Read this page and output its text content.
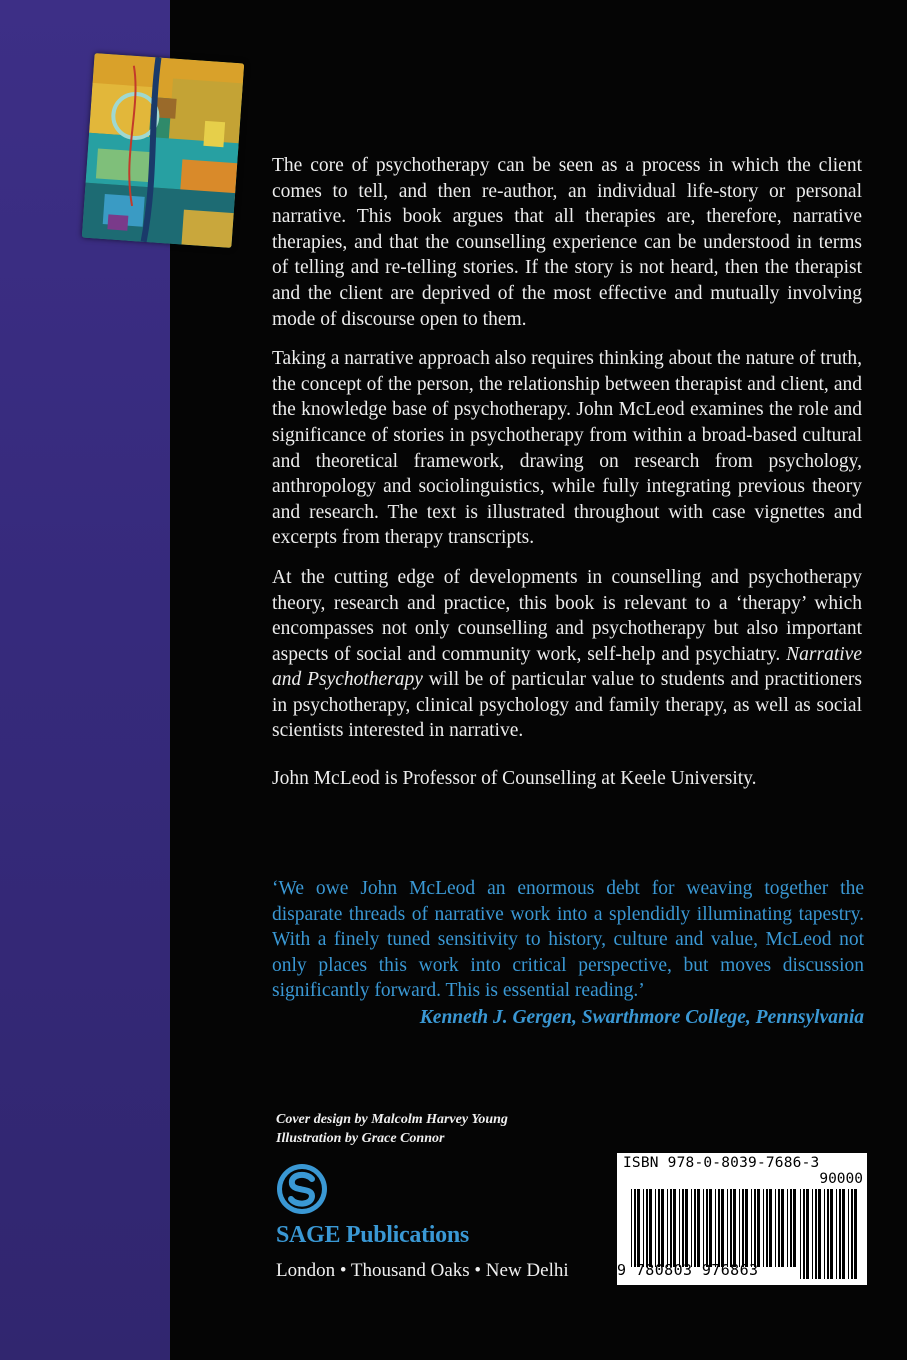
The core of psychotherapy can be seen as a process in which the client comes to tell, and then re-author, an individual life-story or personal narrative. This book argues that all therapies are, therefore, narrative therapies, and that the counselling experience can be understood in terms of telling and re-telling stories. If the story is not heard, then the therapist and the client are deprived of the most effective and mutually involving mode of discourse open to them.

Taking a narrative approach also requires thinking about the nature of truth, the concept of the person, the relationship between therapist and client, and the knowledge base of psychotherapy. John McLeod examines the role and significance of stories in psychotherapy from within a broad-based cultural and theoretical framework, drawing on research from psychology, anthropology and sociolinguistics, while fully integrating previous theory and research. The text is illustrated throughout with case vignettes and excerpts from therapy transcripts.

At the cutting edge of developments in counselling and psychotherapy theory, research and practice, this book is relevant to a ‘therapy’ which encompasses not only counselling and psychotherapy but also important aspects of social and community work, self-help and psychiatry. Narrative and Psychotherapy will be of particular value to students and practitioners in psychotherapy, clinical psychology and family therapy, as well as social scientists interested in narrative.

John McLeod is Professor of Counselling at Keele University.

‘We owe John McLeod an enormous debt for weaving together the disparate threads of narrative work into a splendidly illuminating tapestry. With a finely tuned sensitivity to history, culture and value, McLeod not only places this work into critical perspective, but moves discussion significantly forward. This is essential reading.’

Kenneth J. Gergen, Swarthmore College, Pennsylvania
Cover design by Malcolm Harvey Young
Illustration by Grace Connor
SAGE Publications
London • Thousand Oaks • New Delhi
ISBN 978-0-8039-7686-3
90000
9 780803 976863
